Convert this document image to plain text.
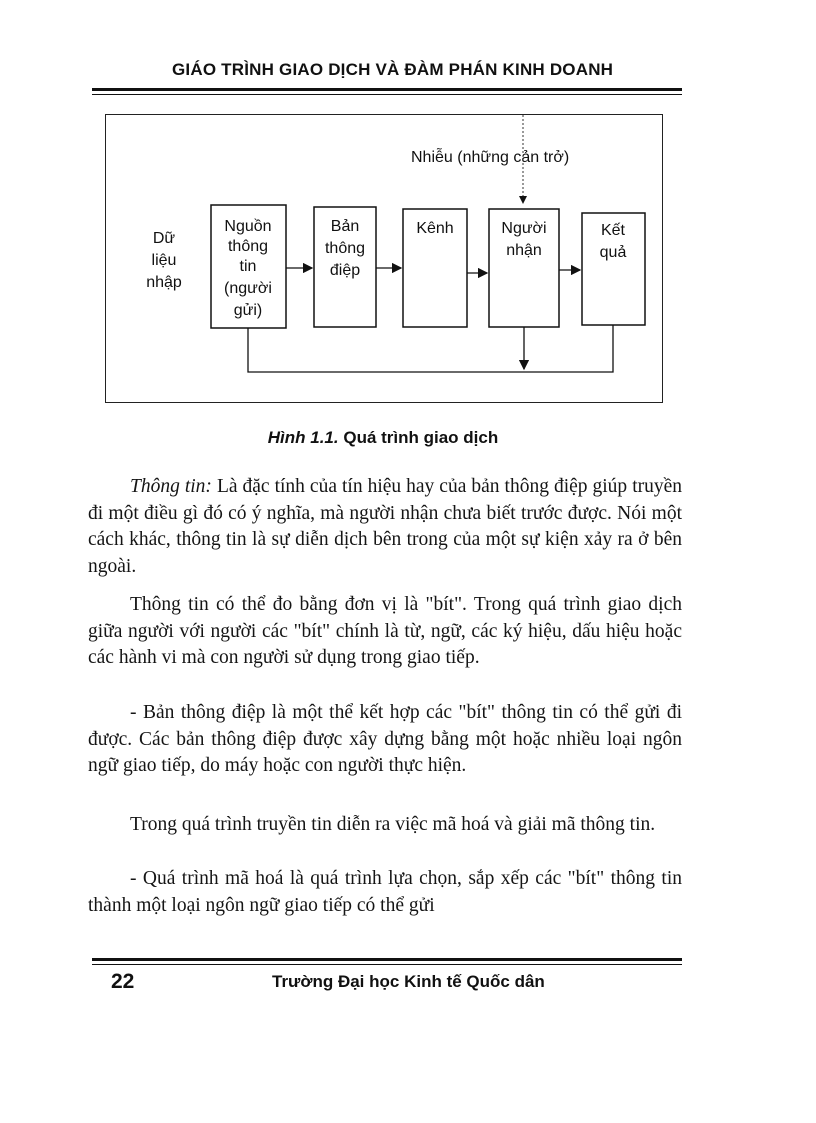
GIÁO TRÌNH GIAO DỊCH VÀ ĐÀM PHÁN KINH DOANH
Nhiễu (những cản trở)
Dữ
liệu
nhập
Nguồn
thông
tin
(người
gửi)
Bản
thông
điệp
Kênh	Người
nhận
Kết
quả
Hình 1.1. Quá trình giao dịch
Thông tin: Là đặc tính của tín hiệu hay của bản thông điệp giúp truyền đi một điều gì đó có ý nghĩa, mà người nhận chưa biết trước được. Nói một cách khác, thông tin là sự diễn dịch bên trong của một sự kiện xảy ra ở bên ngoài.
Thông tin có thể đo bằng đơn vị là "bít". Trong quá trình giao dịch giữa người với người các "bít" chính là từ, ngữ, các ký hiệu, dấu hiệu hoặc các hành vi mà con người sử dụng trong giao tiếp.
- Bản thông điệp là một thể kết hợp các "bít" thông tin có thể gửi đi được. Các bản thông điệp được xây dựng bằng một hoặc nhiều loại ngôn ngữ giao tiếp, do máy hoặc con người thực hiện.
Trong quá trình truyền tin diễn ra việc mã hoá và giải mã thông tin.
- Quá trình mã hoá là quá trình lựa chọn, sắp xếp các "bít" thông tin thành một loại ngôn ngữ giao tiếp có thể gửi
22	Trường Đại học Kinh tế Quốc dân
